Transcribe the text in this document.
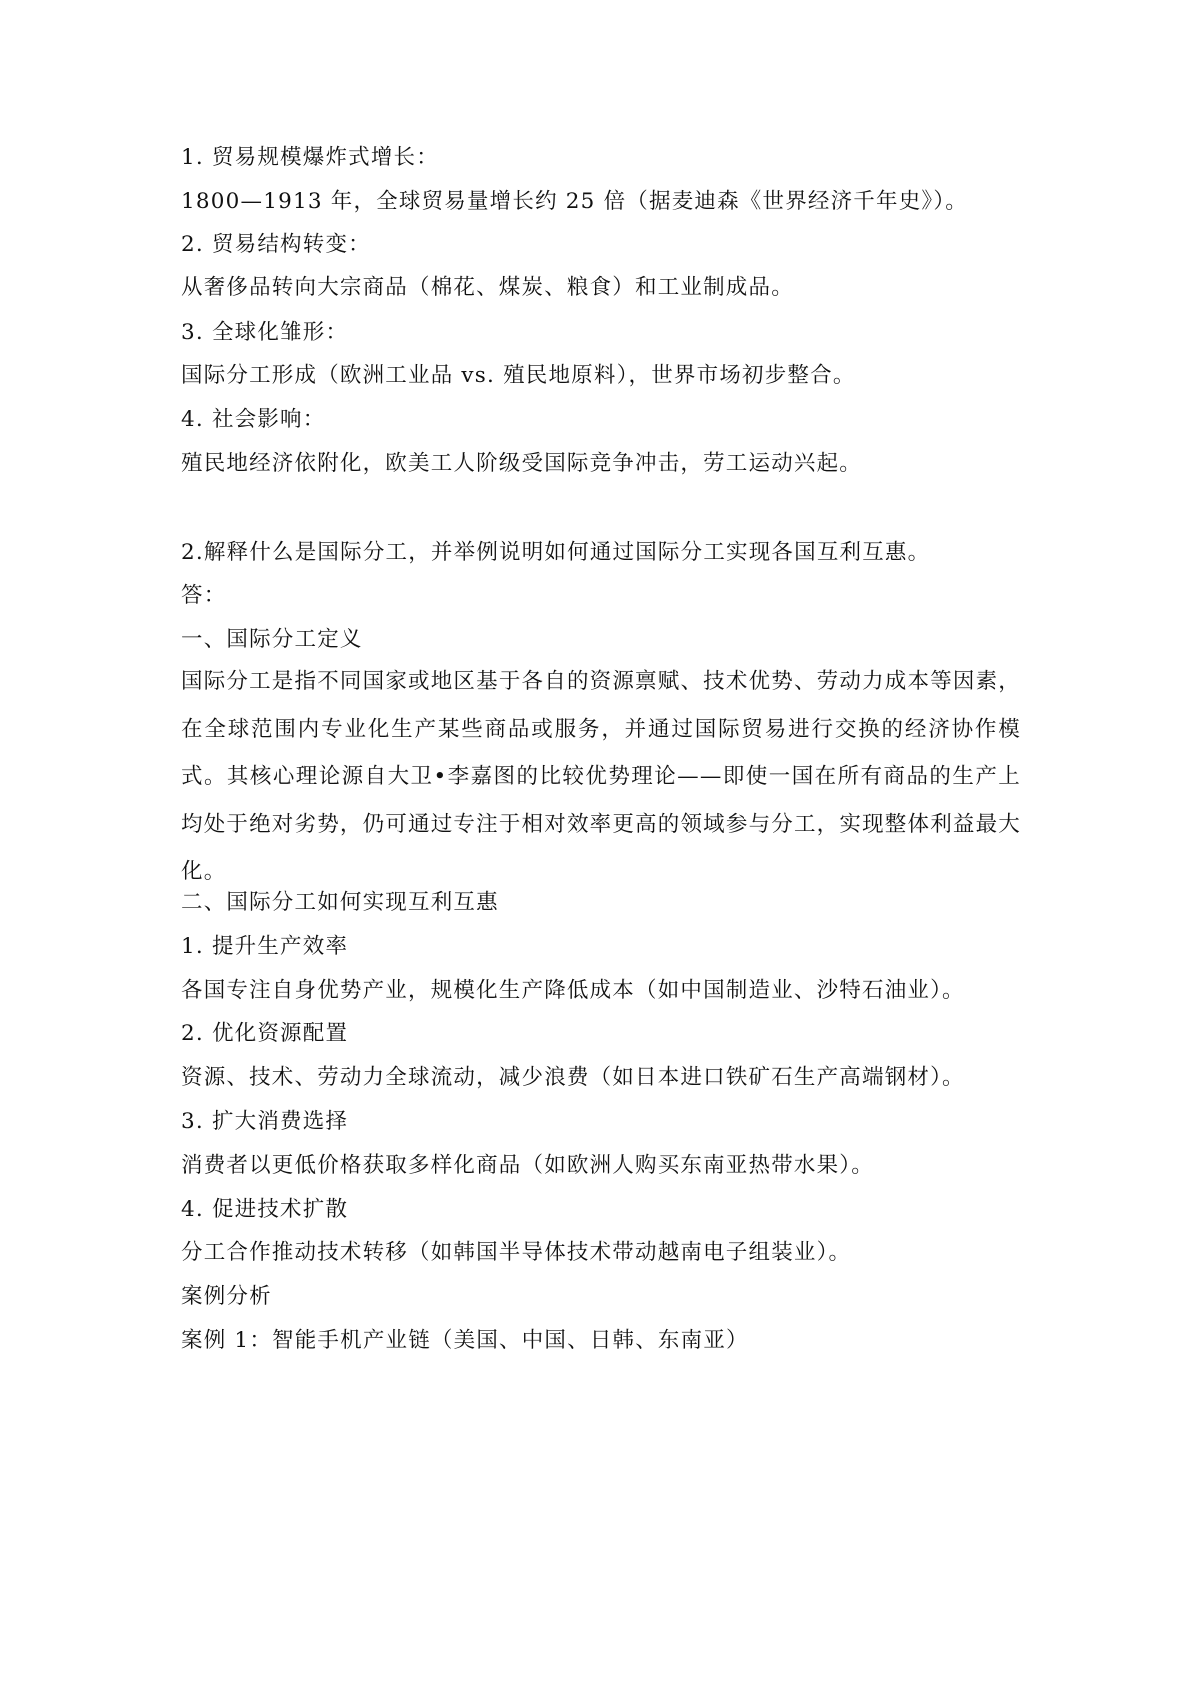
1. 贸易规模爆炸式增长：
1800—1913 年，全球贸易量增长约 25 倍（据麦迪森《世界经济千年史》）。
2. 贸易结构转变：
从奢侈品转向大宗商品（棉花、煤炭、粮食）和工业制成品。
3. 全球化雏形：
国际分工形成（欧洲工业品 vs. 殖民地原料），世界市场初步整合。
4. 社会影响：
殖民地经济依附化，欧美工人阶级受国际竞争冲击，劳工运动兴起。
2.解释什么是国际分工，并举例说明如何通过国际分工实现各国互利互惠。
答：
一、国际分工定义
国际分工是指不同国家或地区基于各自的资源禀赋、技术优势、劳动力成本等因素，在全球范围内专业化生产某些商品或服务，并通过国际贸易进行交换的经济协作模式。其核心理论源自大卫•李嘉图的比较优势理论——即使一国在所有商品的生产上均处于绝对劣势，仍可通过专注于相对效率更高的领域参与分工，实现整体利益最大化。
二、国际分工如何实现互利互惠
1. 提升生产效率
各国专注自身优势产业，规模化生产降低成本（如中国制造业、沙特石油业）。
2. 优化资源配置
资源、技术、劳动力全球流动，减少浪费（如日本进口铁矿石生产高端钢材）。
3. 扩大消费选择
消费者以更低价格获取多样化商品（如欧洲人购买东南亚热带水果）。
4. 促进技术扩散
分工合作推动技术转移（如韩国半导体技术带动越南电子组装业）。
案例分析
案例 1：智能手机产业链（美国、中国、日韩、东南亚）
